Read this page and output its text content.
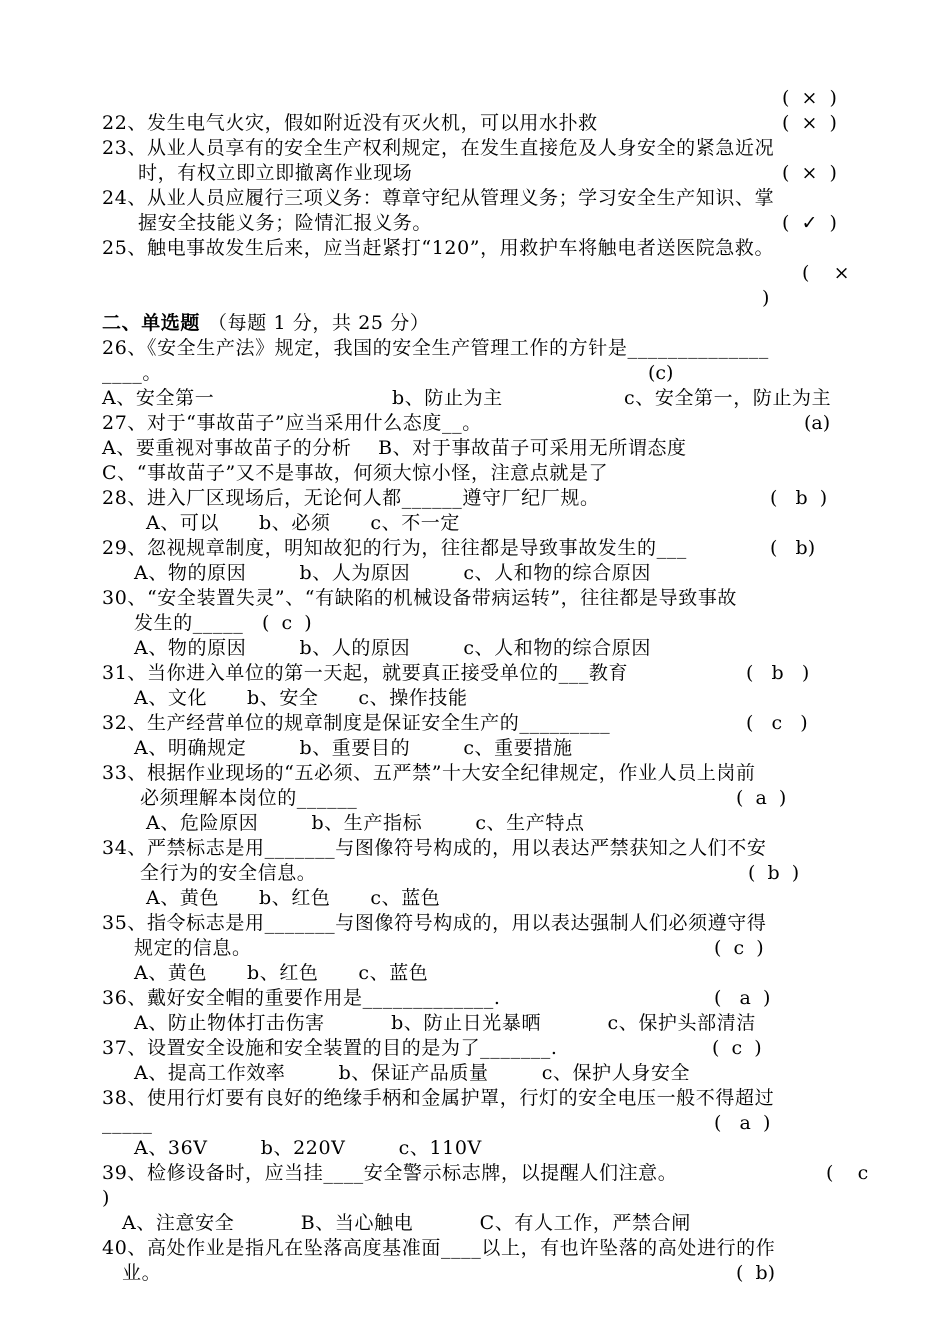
22、发生电气火灾，假如附近没有灭火机，可以用水扑救
23、从业人员享有的安全生产权利规定，在发生直接危及人身安全的紧急近况
时，有权立即立即撤离作业现场
24、从业人员应履行三项义务：尊章守纪从管理义务；学习安全生产知识、掌
握安全技能义务；险情汇报义务。
25、触电事故发生后来，应当赶紧打“120”，用救护车将触电者送医院急救。
二、单选题 （每题 1 分，共 25 分）
26、《安全生产法》规定，我国的安全生产管理工作的方针是______________
____。
A、安全第一	b、防止为主	c、安全第一，防止为主
27、对于“事故苗子”应当采用什么态度__。
A、要重视对事故苗子的分析    B、对于事故苗子可采用无所谓态度
C、“事故苗子”又不是事故，何须大惊小怪，注意点就是了
28、进入厂区现场后，无论何人都______遵守厂纪厂规。
A、可以      b、必须      c、不一定
29、忽视规章制度，明知故犯的行为，往往都是导致事故发生的___
A、物的原因        b、人为原因        c、人和物的综合原因
30、“安全装置失灵”、“有缺陷的机械设备带病运转”，往往都是导致事故
发生的_____
A、物的原因        b、人的原因        c、人和物的综合原因
31、当你进入单位的第一天起，就要真正接受单位的___教育
A、文化      b、安全      c、操作技能
32、生产经营单位的规章制度是保证安全生产的_________
A、明确规定        b、重要目的        c、重要措施
33、根据作业现场的“五必须、五严禁”十大安全纪律规定，作业人员上岗前
必须理解本岗位的______
A、危险原因        b、生产指标        c、生产特点
34、严禁标志是用_______与图像符号构成的，用以表达严禁获知之人们不安
全行为的安全信息。
A、黄色      b、红色      c、蓝色
35、指令标志是用_______与图像符号构成的，用以表达强制人们必须遵守得
规定的信息。
A、黄色      b、红色      c、蓝色
36、戴好安全帽的重要作用是_____________.
A、防止物体打击伤害          b、防止日光暴晒          c、保护头部清洁
37、设置安全设施和安全装置的目的是为了_______.
A、提高工作效率        b、保证产品质量        c、保护人身安全
38、使用行灯要有良好的绝缘手柄和金属护罩，行灯的安全电压一般不得超过
_____
A、36V        b、220V        c、110V
39、检修设备时，应当挂____安全警示标志牌，以提醒人们注意。
A、注意安全          B、当心触电          C、有人工作，严禁合闸
40、高处作业是指凡在坠落高度基准面____以上，有也许坠落的高处进行的作
业。
(  ×  )
(  ×  )
(  ×  )
(  ✓  )
(    ×
)
(c)
(a)
(   b  )
(   b)
(  c  )
(   b   )
(   c   )
(  a  )
(  b  )
(  c  )
(   a  )
(  c  )
(   a  )
(    c
)
(  b)
